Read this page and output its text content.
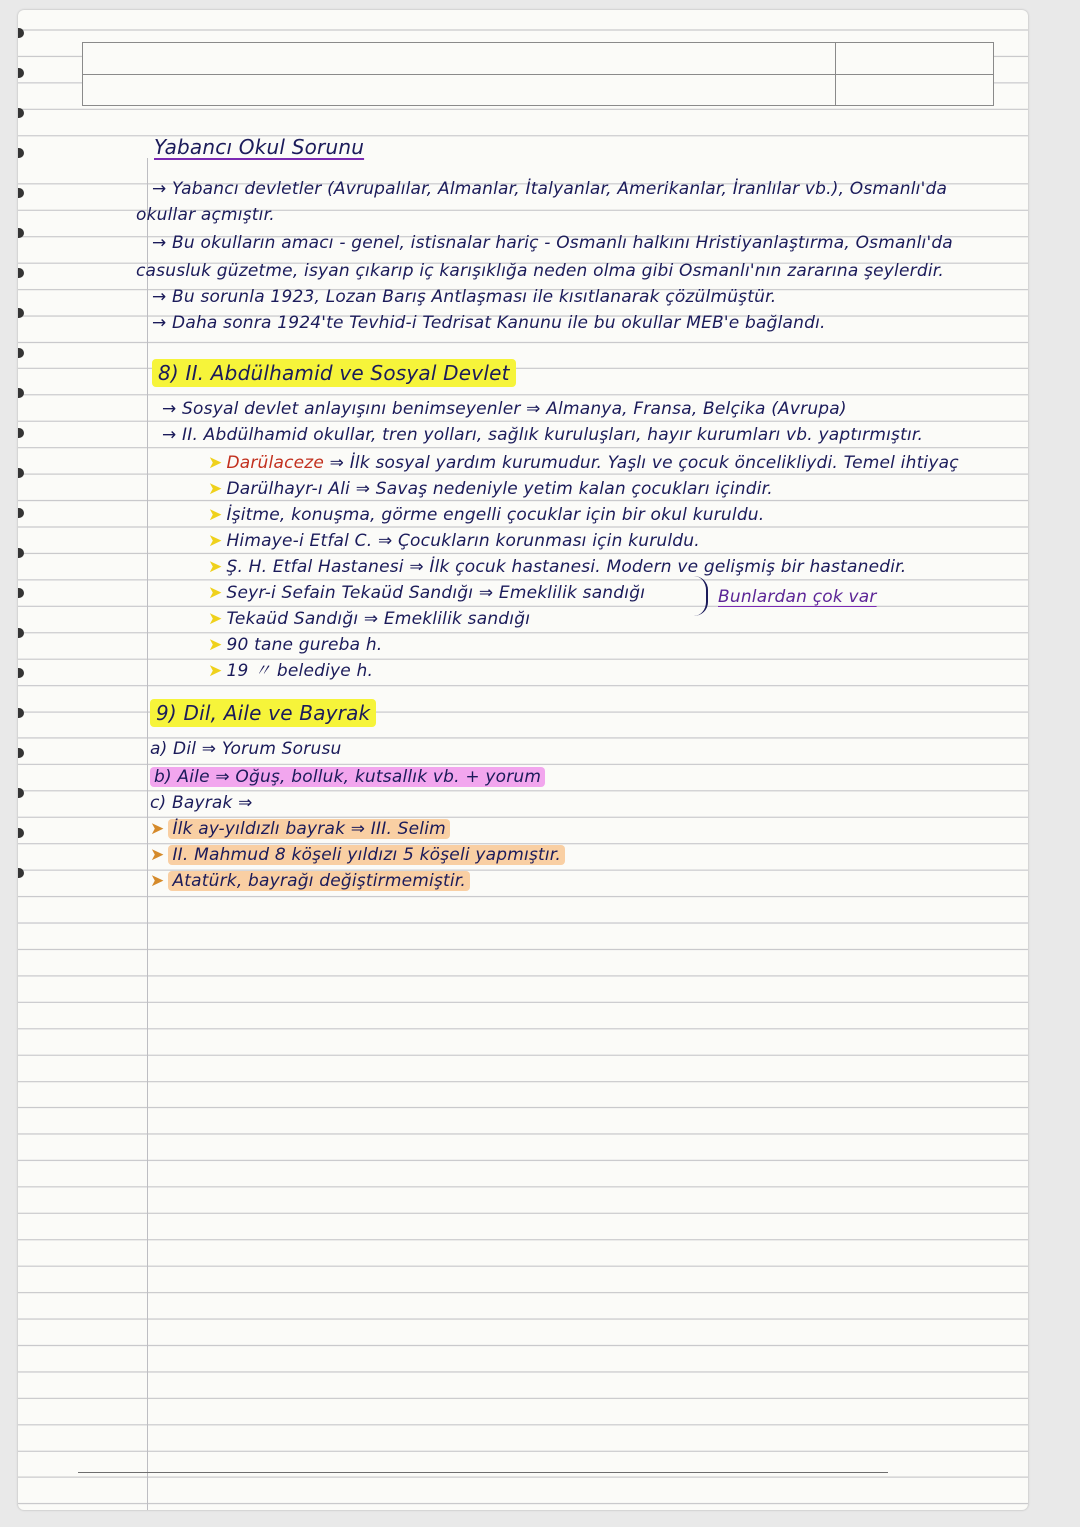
Yabancı Okul Sorunu
→ Yabancı devletler (Avrupalılar, Almanlar, İtalyanlar, Amerikanlar, İranlılar vb.), Osmanlı'da
okullar açmıştır.
→ Bu okulların amacı - genel, istisnalar hariç - Osmanlı halkını Hristiyanlaştırma, Osmanlı'da
casusluk güzetme, isyan çıkarıp iç karışıklığa neden olma gibi Osmanlı'nın zararına şeylerdir.
→ Bu sorunla 1923, Lozan Barış Antlaşması ile kısıtlanarak çözülmüştür.
→ Daha sonra 1924'te Tevhid-i Tedrisat Kanunu ile bu okullar MEB'e bağlandı.
8) II. Abdülhamid ve Sosyal Devlet
→ Sosyal devlet anlayışını benimseyenler ⇒ Almanya, Fransa, Belçika (Avrupa)
→ II. Abdülhamid okullar, tren yolları, sağlık kuruluşları, hayır kurumları vb. yaptırmıştır.
➤ Darülaceze ⇒ İlk sosyal yardım kurumudur. Yaşlı ve çocuk öncelikliydi. Temel ihtiyaç
➤ Darülhayr-ı Ali ⇒ Savaş nedeniyle yetim kalan çocukları içindir.
➤ İşitme, konuşma, görme engelli çocuklar için bir okul kuruldu.
➤ Himaye-i Etfal C. ⇒ Çocukların korunması için kuruldu.
➤ Ş. H. Etfal Hastanesi ⇒ İlk çocuk hastanesi. Modern ve gelişmiş bir hastanedir.
➤ Seyr-i Sefain Tekaüd Sandığı ⇒ Emeklilik sandığı
➤ Tekaüd Sandığı ⇒ Emeklilik sandığı
➤ 90 tane gureba h.
➤ 19 〃 belediye h.
Bunlardan çok var
9) Dil, Aile ve Bayrak
a) Dil ⇒ Yorum Sorusu
b) Aile ⇒ Oğuş, bolluk, kutsallık vb. + yorum
c) Bayrak ⇒
➤ İlk ay-yıldızlı bayrak ⇒ III. Selim
➤ II. Mahmud 8 köşeli yıldızı 5 köşeli yapmıştır.
➤ Atatürk, bayrağı değiştirmemiştir.
